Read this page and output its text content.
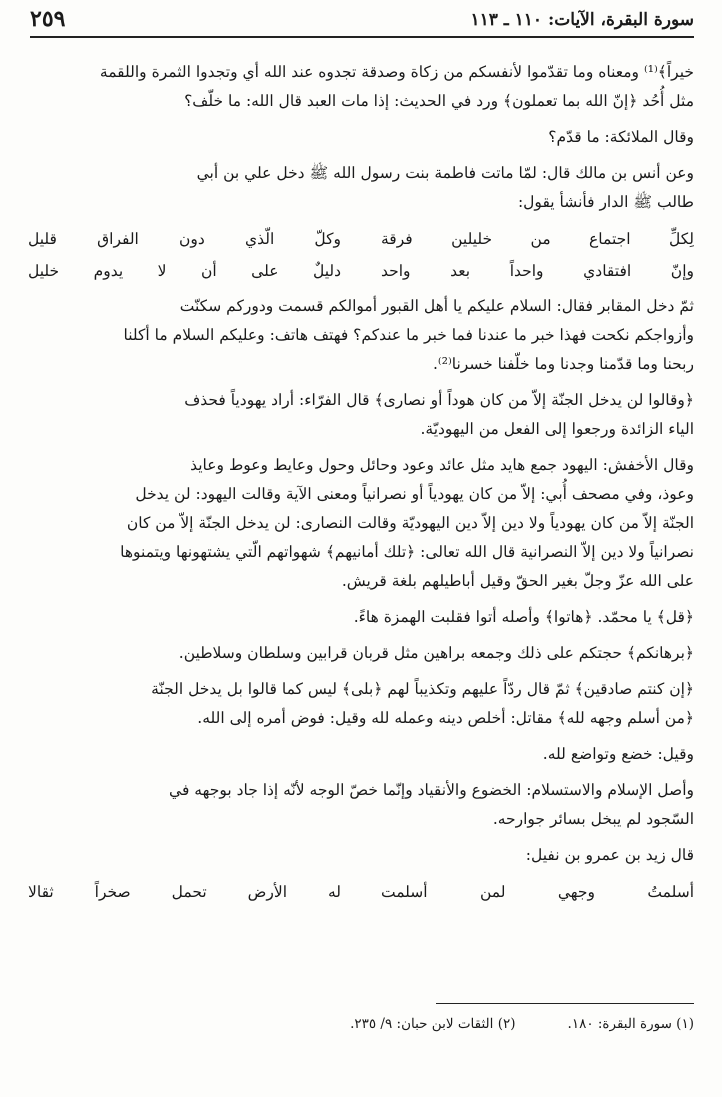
سورة البقرة، الآيات: ١١٠ ـ ١١٣
٢٥٩
خيراً﴾⁽¹⁾ ومعناه وما تقدّموا لأنفسكم من زكاة وصدقة تجدوه عند الله أي وتجدوا الثمرة واللقمة
مثل أُحُد ﴿إنّ الله بما تعملون﴾ ورد في الحديث: إذا مات العبد قال الله: ما خلّف؟
وقال الملائكة: ما قدّم؟
وعن أنس بن مالك قال: لمّا ماتت فاطمة بنت رسول الله ﷺ دخل علي بن أبي
طالب ﷺ الدار فأنشأ يقول:
لِكلِّ اجتماع من خليلين فرقة
وكلّ الّذي دون الفراق قليل
وإنّ افتقادي واحداً بعد واحد
دليلٌ على أن لا يدوم خليل
ثمّ دخل المقابر فقال: السلام عليكم يا أهل القبور أموالكم قسمت ودوركم سكنّت
وأزواجكم نكحت فهذا خبر ما عندنا فما خبر ما عندكم؟ فهتف هاتف: وعليكم السلام ما أكلنا
ربحنا وما قدّمنا وجدنا وما خلّفنا خسرنا⁽²⁾.
﴿وقالوا لن يدخل الجنّة إلاّ من كان هوداً أو نصارى﴾ قال الفرّاء: أراد يهودياً فحذف
الياء الزائدة ورجعوا إلى الفعل من اليهوديّة.
وقال الأخفش: اليهود جمع هايد مثل عائد وعود وحائل وحول وعايط وعوط وعايذ
وعوذ، وفي مصحف أُبي: إلاّ من كان يهودياً أو نصرانياً ومعنى الآية وقالت اليهود: لن يدخل
الجنّة إلاّ من كان يهودياً ولا دين إلاّ دين اليهوديّة وقالت النصارى: لن يدخل الجنّة إلاّ من كان
نصرانياً ولا دين إلاّ النصرانية قال الله تعالى: ﴿تلك أمانيهم﴾ شهواتهم الّتي يشتهونها ويتمنوها
على الله عزّ وجلّ بغير الحقّ وقيل أباطيلهم بلغة قريش.
﴿قل﴾ يا محمّد. ﴿هاتوا﴾ وأصله أتوا فقلبت الهمزة هاءً.
﴿برهانكم﴾ حجتكم على ذلك وجمعه براهين مثل قربان قرابين وسلطان وسلاطين.
﴿إن كنتم صادقين﴾ ثمّ قال ردّاً عليهم وتكذيباً لهم ﴿بلى﴾ ليس كما قالوا بل يدخل الجنّة
﴿من أسلم وجهه لله﴾ مقاتل: أخلص دينه وعمله لله وقيل: فوض أمره إلى الله.
وقيل: خضع وتواضع لله.
وأصل الإسلام والاستسلام: الخضوع والأنقياد وإنّما خصّ الوجه لأنّه إذا جاد بوجهه في
السّجود لم يبخل بسائر جوارحه.
قال زيد بن عمرو بن نفيل:
أسلمتُ وجهي لمن أسلمت
له الأرض تحمل صخراً ثقالا
(١) سورة البقرة: ١٨٠.
(٢) الثقات لابن حبان: ٩/ ٢٣٥.
